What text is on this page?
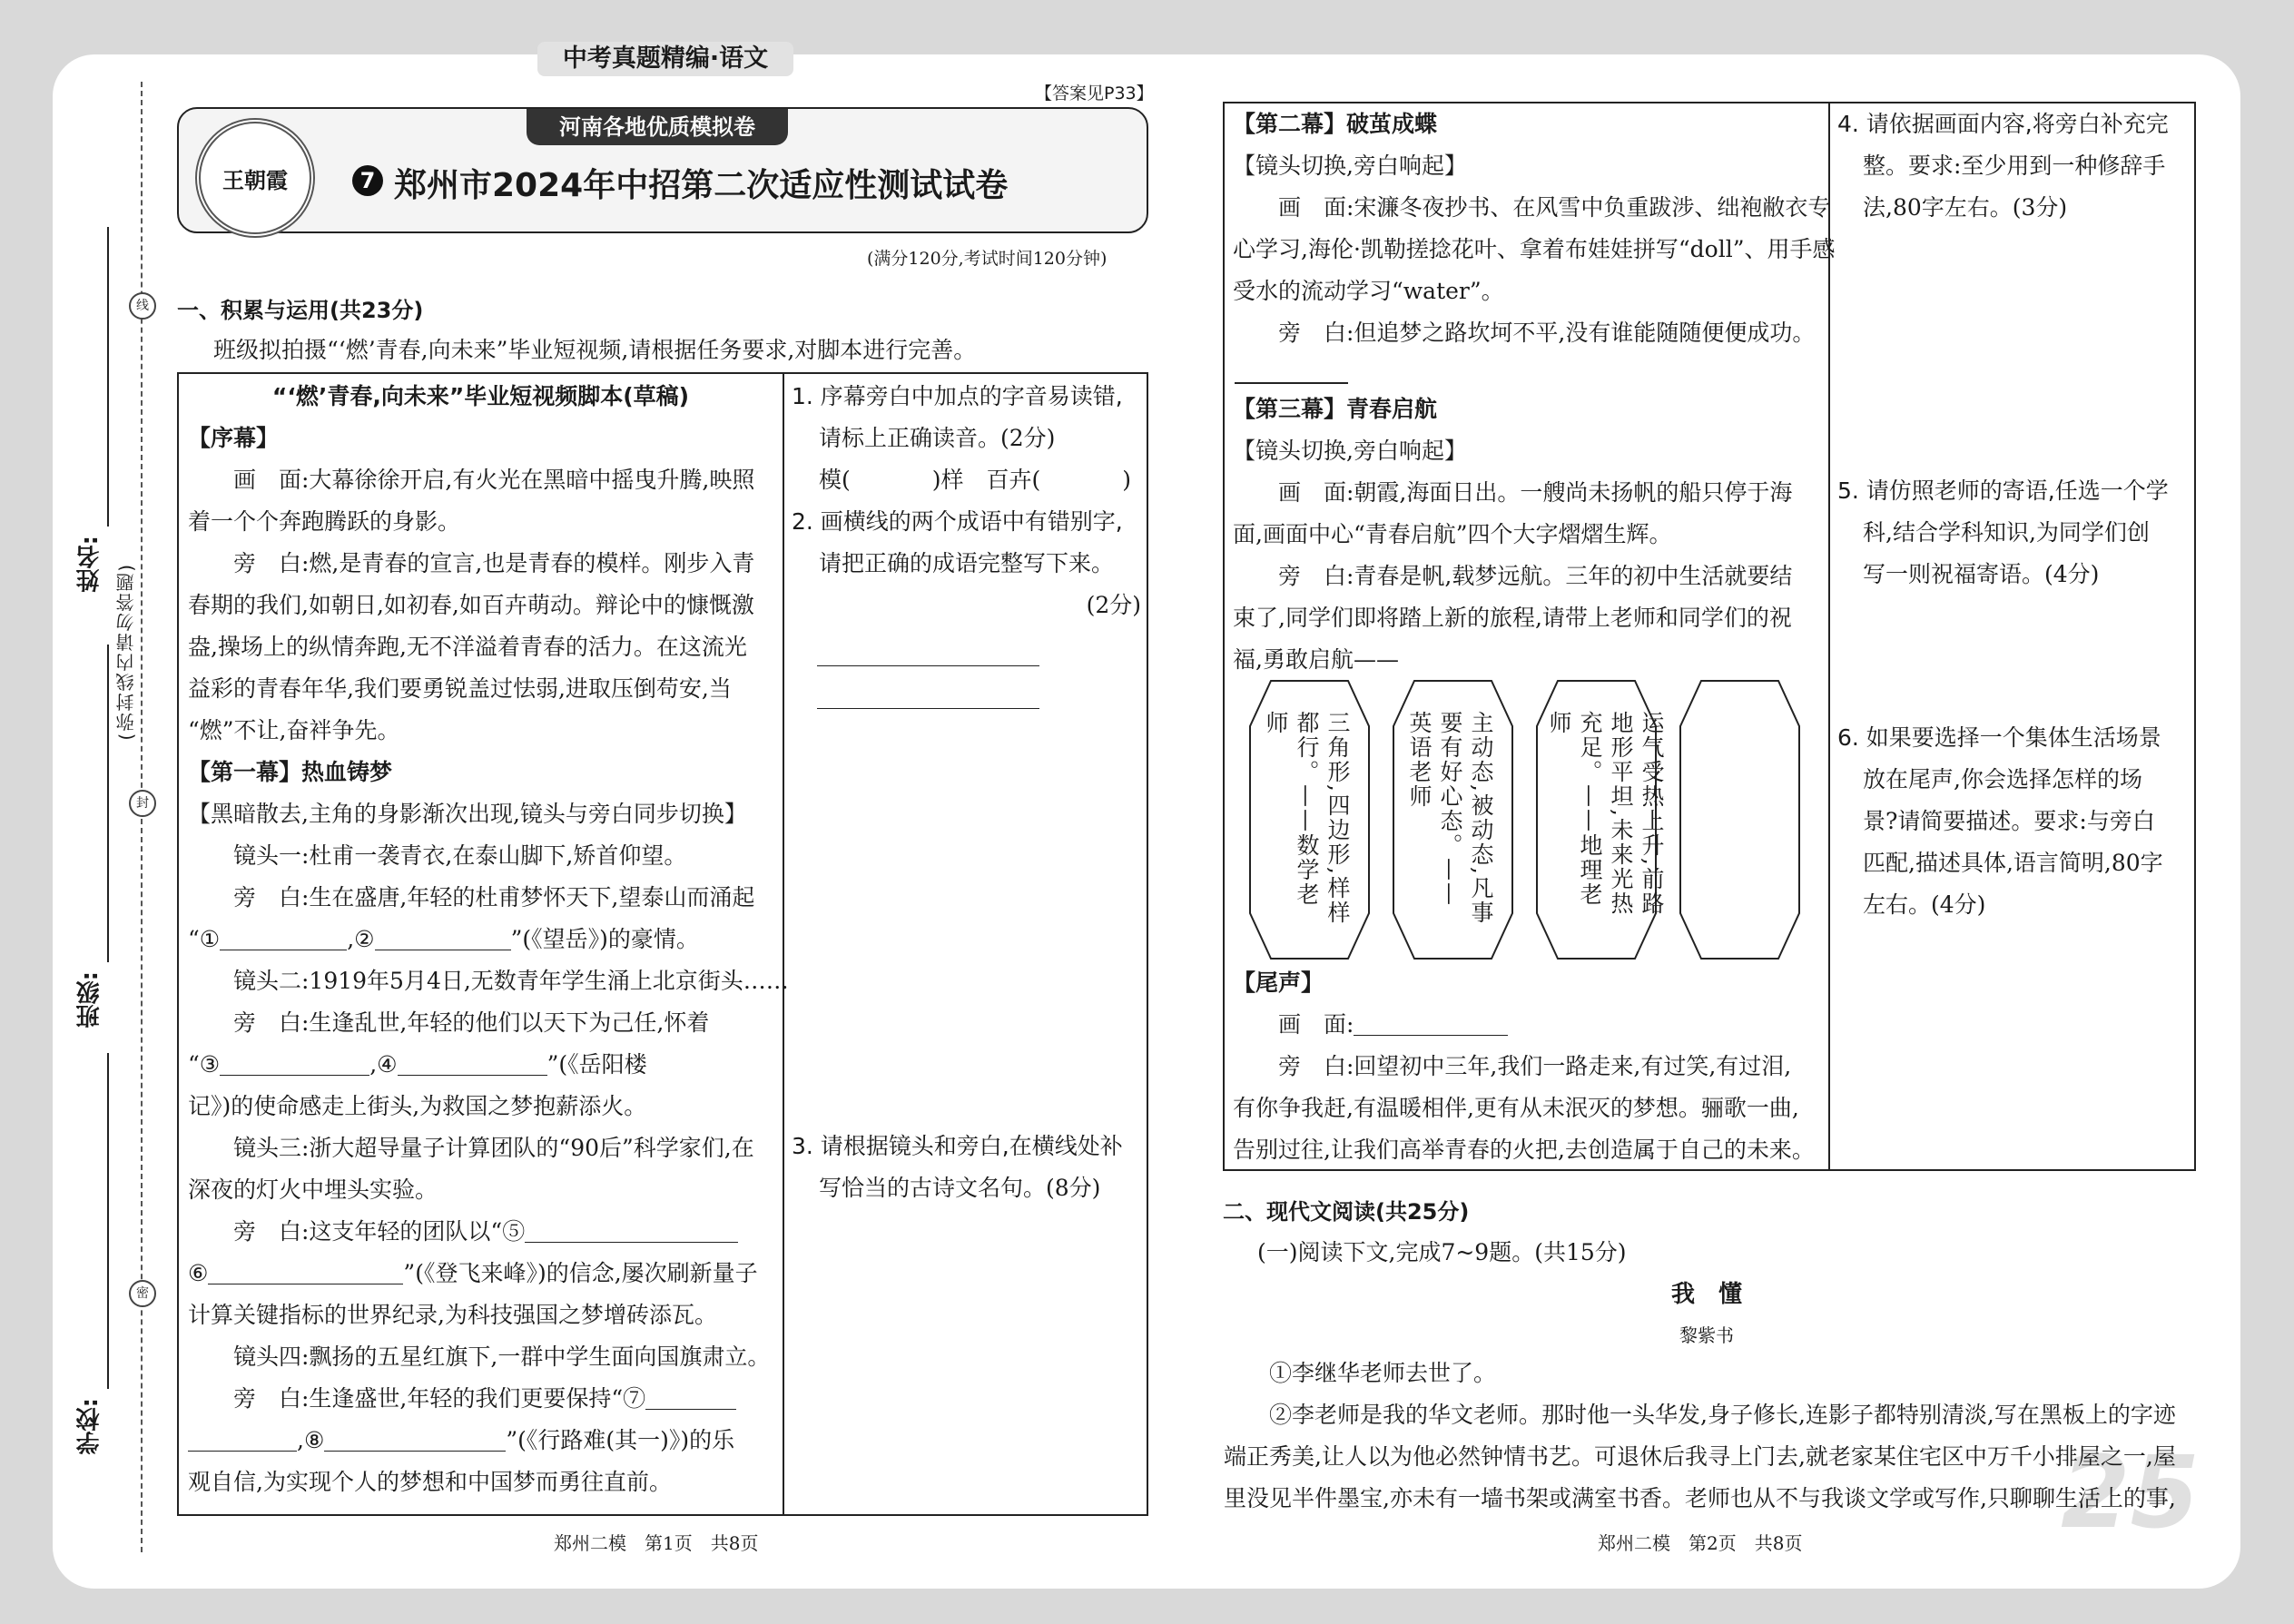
中考真题精编·语文
线
封
密
(弥封线内请勿答题)
姓名:
班级:
学校:
【答案见P33】
河南各地优质模拟卷
王朝霞	7 郑州市2024年中招第二次适应性测试试卷
(满分120分,考试时间120分钟)
一、积累与运用(共23分)
班级拟拍摄“‘燃’青春,向未来”毕业短视频,请根据任务要求,对脚本进行完善。
“‘燃’青春,向未来”毕业短视频脚本(草稿)
【序幕】
画　面:大幕徐徐开启,有火光在黑暗中摇曳升腾,映照
着一个个奔跑腾跃的身影。
旁　白:燃,是青春的宣言,也是青春的模样。刚步入青
春期的我们,如朝日,如初春,如百卉萌动。辩论中的慷慨激
盎,操场上的纵情奔跑,无不洋溢着青春的活力。在这流光
益彩的青春年华,我们要勇锐盖过怯弱,进取压倒苟安,当
“燃”不让,奋袢争先。
【第一幕】热血铸梦
【黑暗散去,主角的身影渐次出现,镜头与旁白同步切换】
镜头一:杜甫一袭青衣,在泰山脚下,矫首仰望。
旁　白:生在盛唐,年轻的杜甫梦怀天下,望泰山而涌起
“①	,②	”(《望岳》)的豪情。
镜头二:1919年5月4日,无数青年学生涌上北京街头……
旁　白:生逢乱世,年轻的他们以天下为己任,怀着
“③	,④	”(《岳阳楼
记》)的使命感走上街头,为救国之梦抱薪添火。
镜头三:浙大超导量子计算团队的“90后”科学家们,在
深夜的灯火中埋头实验。
旁　白:这支年轻的团队以“⑤
⑥	”(《登飞来峰》)的信念,屡次刷新量子
计算关键指标的世界纪录,为科技强国之梦增砖添瓦。
镜头四:飘扬的五星红旗下,一群中学生面向国旗肃立。
旁　白:生逢盛世,年轻的我们更要保持“⑦
,⑧	”(《行路难(其一)》)的乐
观自信,为实现个人的梦想和中国梦而勇往直前。
1. 序幕旁白中加点的字音易读错,
请标上正确读音。(2分)
模(	)样　百卉(	)
2. 画横线的两个成语中有错别字,
请把正确的成语完整写下来。
(2分)
3. 请根据镜头和旁白,在横线处补
写恰当的古诗文名句。(8分)
【第二幕】破茧成蝶
【镜头切换,旁白响起】
画　面:宋濂冬夜抄书、在风雪中负重跋涉、绌袍敝衣专
心学习,海伦·凯勒搓捻花叶、拿着布娃娃拼写“doll”、用手感
受水的流动学习“water”。
旁　白:但追梦之路坎坷不平,没有谁能随随便便成功。
【第三幕】青春启航
【镜头切换,旁白响起】
画　面:朝霞,海面日出。一艘尚未扬帆的船只停于海
面,画面中心“青春启航”四个大字熠熠生辉。
旁　白:青春是帆,载梦远航。三年的初中生活就要结
束了,同学们即将踏上新的旅程,请带上老师和同学们的祝
福,勇敢启航——
三角形,四边形,样样都行。——数学老师	主动态,被动态,凡事要有好心态。——英语老师	运气受热上升,前路地形平坦,未来光热充足。——地理老师
【尾声】
画　面:
旁　白:回望初中三年,我们一路走来,有过笑,有过泪,
有你争我赶,有温暖相伴,更有从未泯灭的梦想。骊歌一曲,
告别过往,让我们高举青春的火把,去创造属于自己的未来。
4. 请依据画面内容,将旁白补充完
整。要求:至少用到一种修辞手
法,80字左右。(3分)
5. 请仿照老师的寄语,任选一个学
科,结合学科知识,为同学们创
写一则祝福寄语。(4分)
6. 如果要选择一个集体生活场景
放在尾声,你会选择怎样的场
景?请简要描述。要求:与旁白
匹配,描述具体,语言简明,80字
左右。(4分)
二、现代文阅读(共25分)
(一)阅读下文,完成7~9题。(共15分)
我　懂
黎紫书
①李继华老师去世了。
②李老师是我的华文老师。那时他一头华发,身子修长,连影子都特别清淡,写在黑板上的字迹
端正秀美,让人以为他必然钟情书艺。可退休后我寻上门去,就老家某住宅区中万千小排屋之一,屋
里没见半件墨宝,亦未有一墙书架或满室书香。老师也从不与我谈文学或写作,只聊聊生活上的事,
25
郑州二模　第1页　共8页	郑州二模　第2页　共8页
